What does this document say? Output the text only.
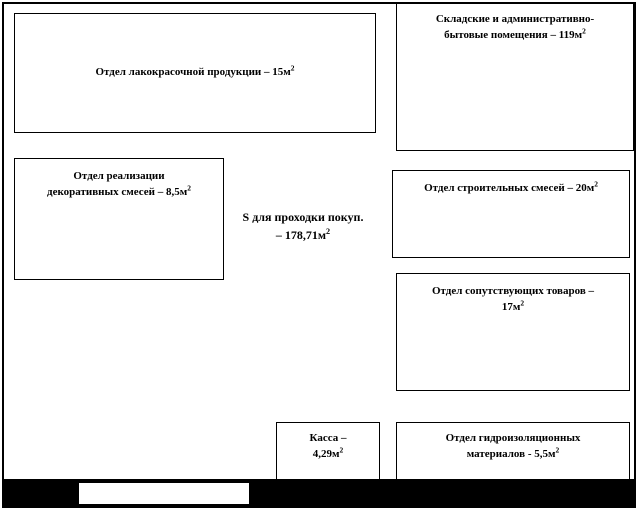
Отдел лакокрасочной продукции – $15м^2$
Складские и административно-
бытовые помещения – $119м^2$
Отдел реализации
декоративных смесей – $8,5м^2$	Отдел строительных смесей – $20м^2$
Отдел сопутствующих товаров –
$17м^2$
Касса –
$4,29м^2$
Отдел гидроизоляционных
материалов - $5,5м^2$
S для проходки покуп.
– $178,71м^2$
